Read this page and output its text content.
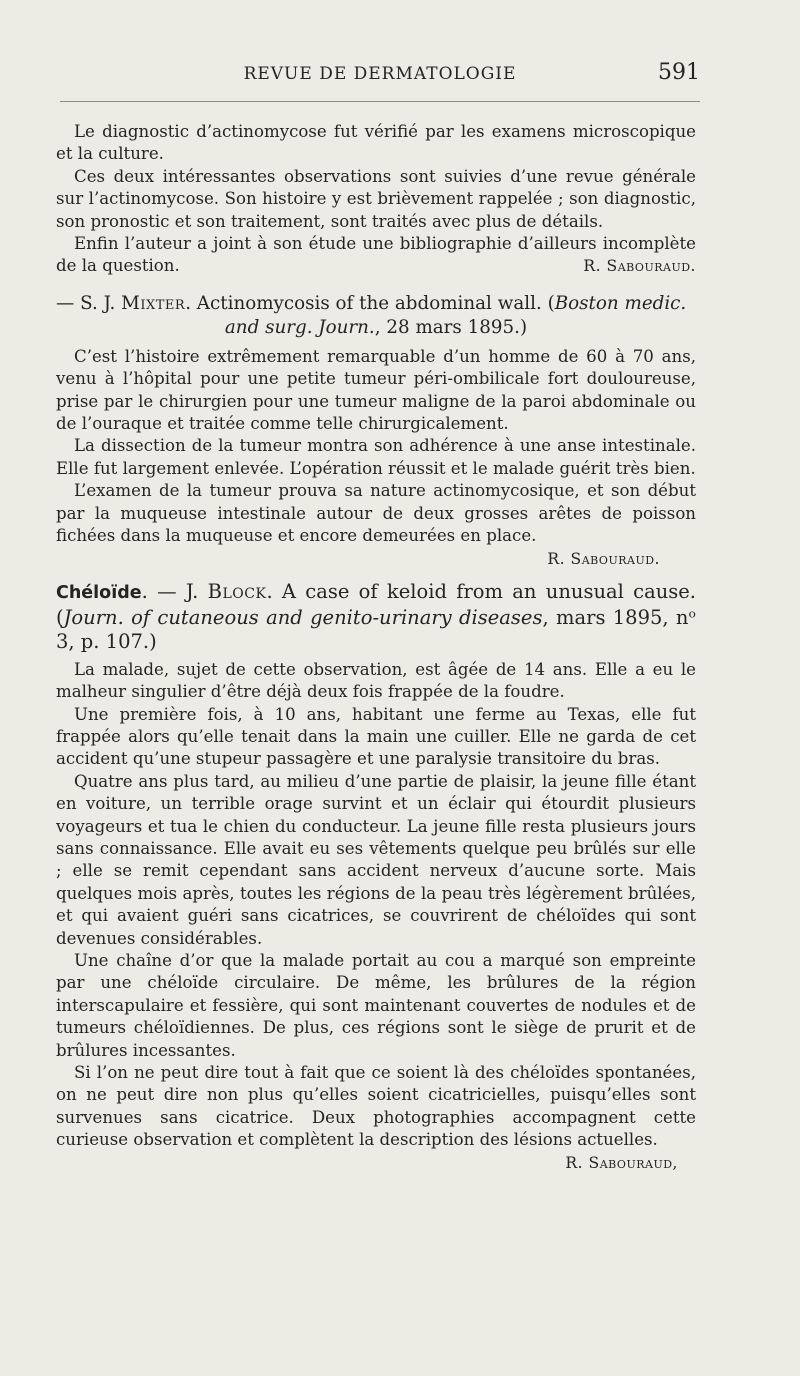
REVUE DE DERMATOLOGIE	591

Le diagnostic d’actinomycose fut vérifié par les examens microscopique et la culture.

Ces deux intéressantes observations sont suivies d’une revue générale sur l’actinomycose. Son histoire y est brièvement rappelée ; son diagnostic, son pronostic et son traitement, sont traités avec plus de détails.

Enfin l’auteur a joint à son étude une bibliographie d’ailleurs incomplète de la question.	R. Sabouraud.

— S. J. Mixter. Actinomycosis of the abdominal wall. (Boston medic.

and surg. Journ., 28 mars 1895.)

C’est l’histoire extrêmement remarquable d’un homme de 60 à 70 ans, venu à l’hôpital pour une petite tumeur péri-ombilicale fort douloureuse, prise par le chirurgien pour une tumeur maligne de la paroi abdominale ou de l’ouraque et traitée comme telle chirurgicalement.

La dissection de la tumeur montra son adhérence à une anse intestinale. Elle fut largement enlevée. L’opération réussit et le malade guérit très bien.

L’examen de la tumeur prouva sa nature actinomycosique, et son début par la muqueuse intestinale autour de deux grosses arêtes de poisson fichées dans la muqueuse et encore demeurées en place.

R. Sabouraud.

Chéloïde. — J. Block. A case of keloid from an unusual cause. (Journ. of cutaneous and genito-urinary diseases, mars 1895, nᵒ 3, p. 107.)

La malade, sujet de cette observation, est âgée de 14 ans. Elle a eu le malheur singulier d’être déjà deux fois frappée de la foudre.

Une première fois, à 10 ans, habitant une ferme au Texas, elle fut frappée alors qu’elle tenait dans la main une cuiller. Elle ne garda de cet accident qu’une stupeur passagère et une paralysie transitoire du bras.

Quatre ans plus tard, au milieu d’une partie de plaisir, la jeune fille étant en voiture, un terrible orage survint et un éclair qui étourdit plusieurs voyageurs et tua le chien du conducteur. La jeune fille resta plusieurs jours sans connaissance. Elle avait eu ses vêtements quelque peu brûlés sur elle ; elle se remit cependant sans accident nerveux d’aucune sorte. Mais quelques mois après, toutes les régions de la peau très légèrement brûlées, et qui avaient guéri sans cicatrices, se couvrirent de chéloïdes qui sont devenues considérables.

Une chaîne d’or que la malade portait au cou a marqué son empreinte par une chéloïde circulaire. De même, les brûlures de la région interscapulaire et fessière, qui sont maintenant couvertes de nodules et de tumeurs chéloïdiennes. De plus, ces régions sont le siège de prurit et de brûlures incessantes.

Si l’on ne peut dire tout à fait que ce soient là des chéloïdes spontanées, on ne peut dire non plus qu’elles soient cicatricielles, puisqu’elles sont survenues sans cicatrice. Deux photographies accompagnent cette curieuse observation et complètent la description des lésions actuelles.

R. Sabouraud,
